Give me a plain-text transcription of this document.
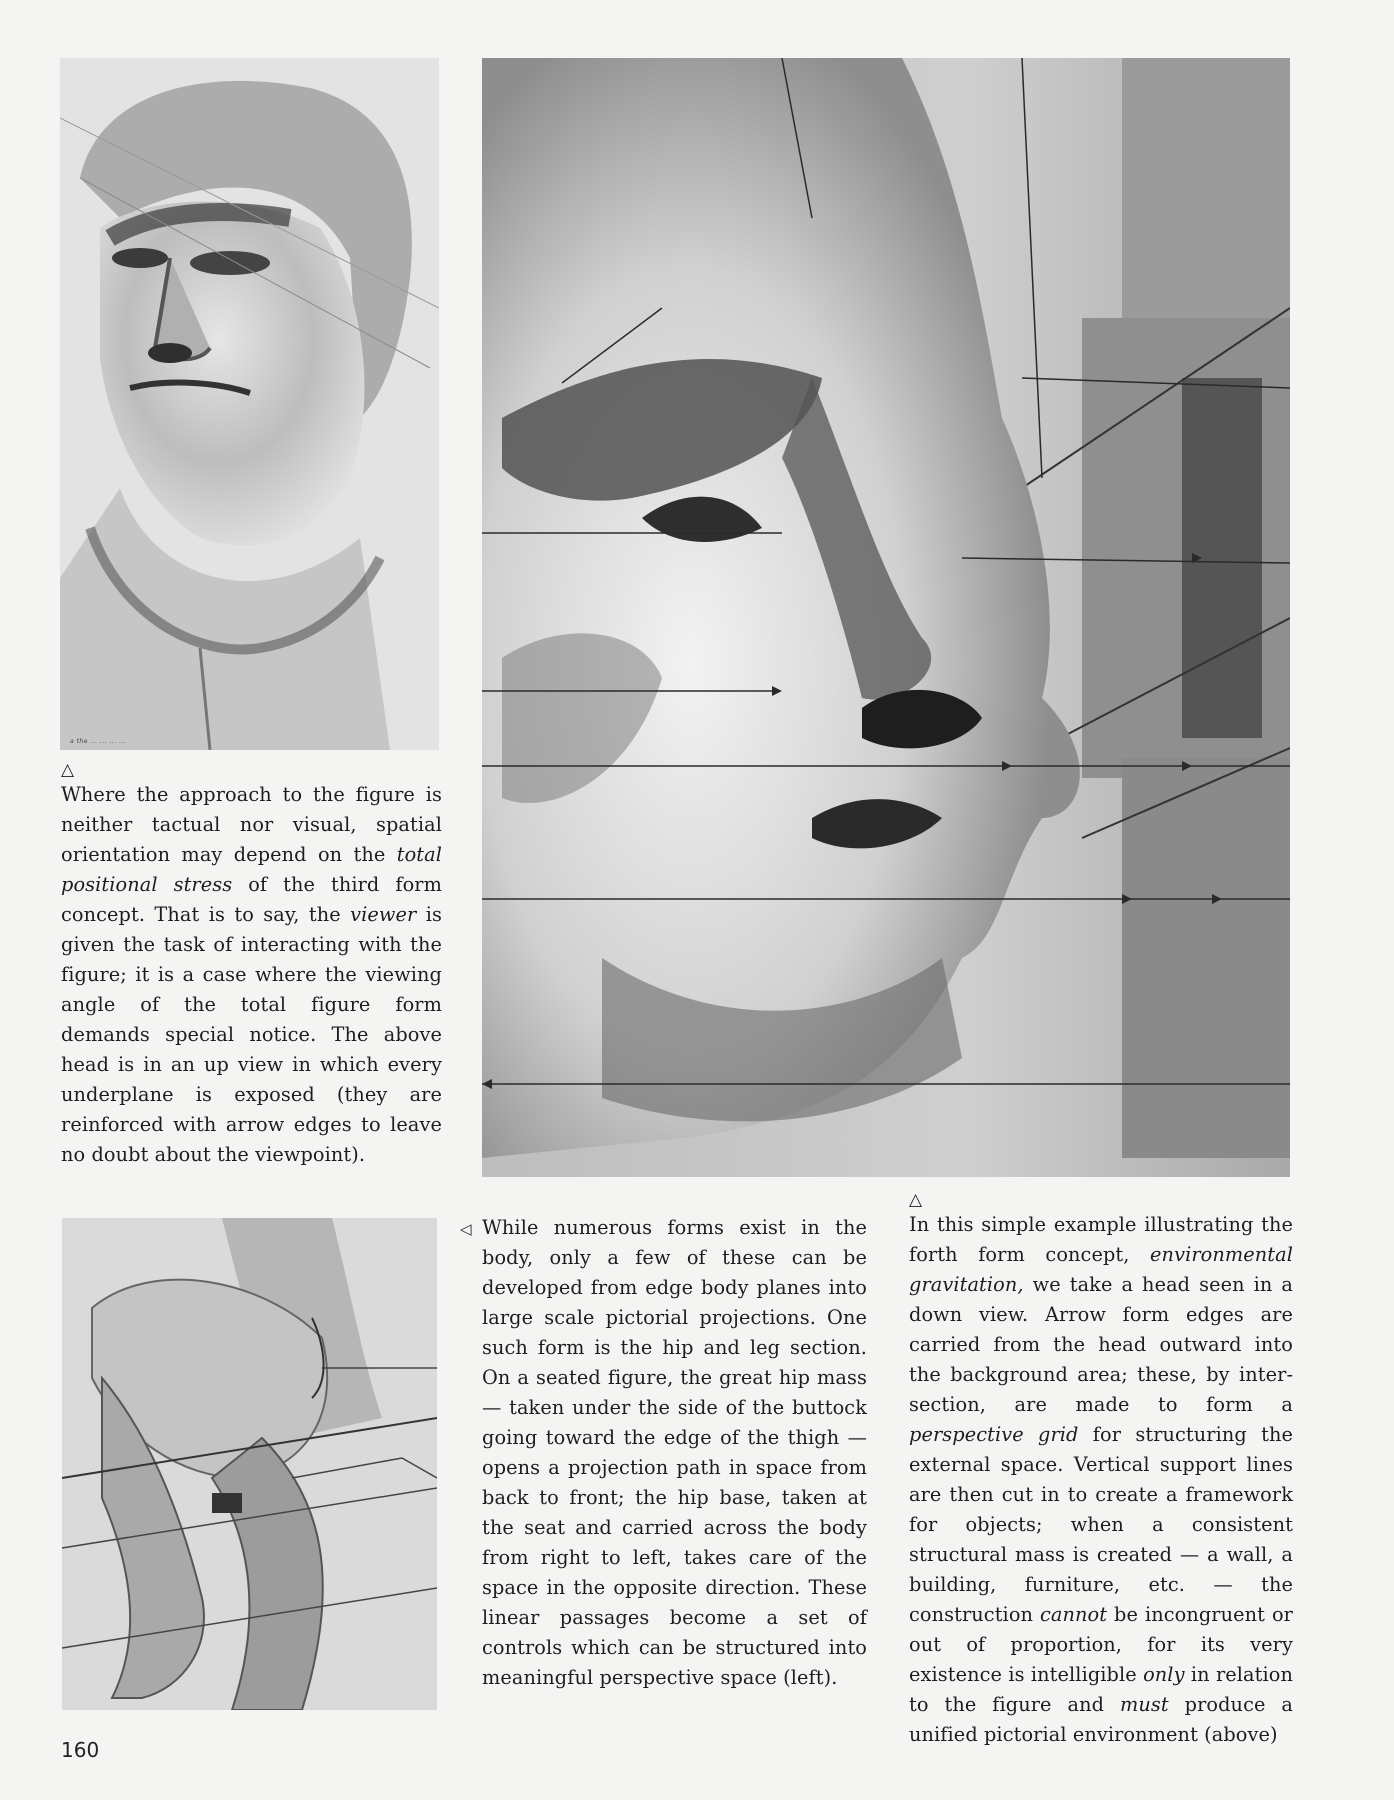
a the ... ... ... ...
△

Where the approach to the figure is neither tactual nor visual, spatial orientation may depend on the total positional stress of the third form concept. That is to say, the viewer is given the task of interacting with the figure; it is a case where the viewing angle of the total figure form demands special notice. The above head is in an up view in which every underplane is exposed (they are reinforced with arrow edges to leave no doubt about the viewpoint).

◁ While numerous forms exist in the body, only a few of these can be developed from edge body planes into large scale pictorial projections. One such form is the hip and leg section. On a seated figure, the great hip mass — taken under the side of the buttock going toward the edge of the thigh — opens a projection path in space from back to front; the hip base, taken at the seat and carried across the body from right to left, takes care of the space in the opposite direction. These linear passages become a set of controls which can be structured into meaningful perspective space (left).

△

In this simple example illustrating the forth form concept, environmental gravitation, we take a head seen in a down view. Arrow form edges are carried from the head outward into the background area; these, by intersection, are made to form a perspective grid for structuring the external space. Vertical support lines are then cut in to create a framework for objects; when a consistent structural mass is created — a wall, a building, furniture, etc. — the construction cannot be incongruent or out of proportion, for its very existence is intelligible only in relation to the figure and must produce a unified pictorial environment (above)

160
